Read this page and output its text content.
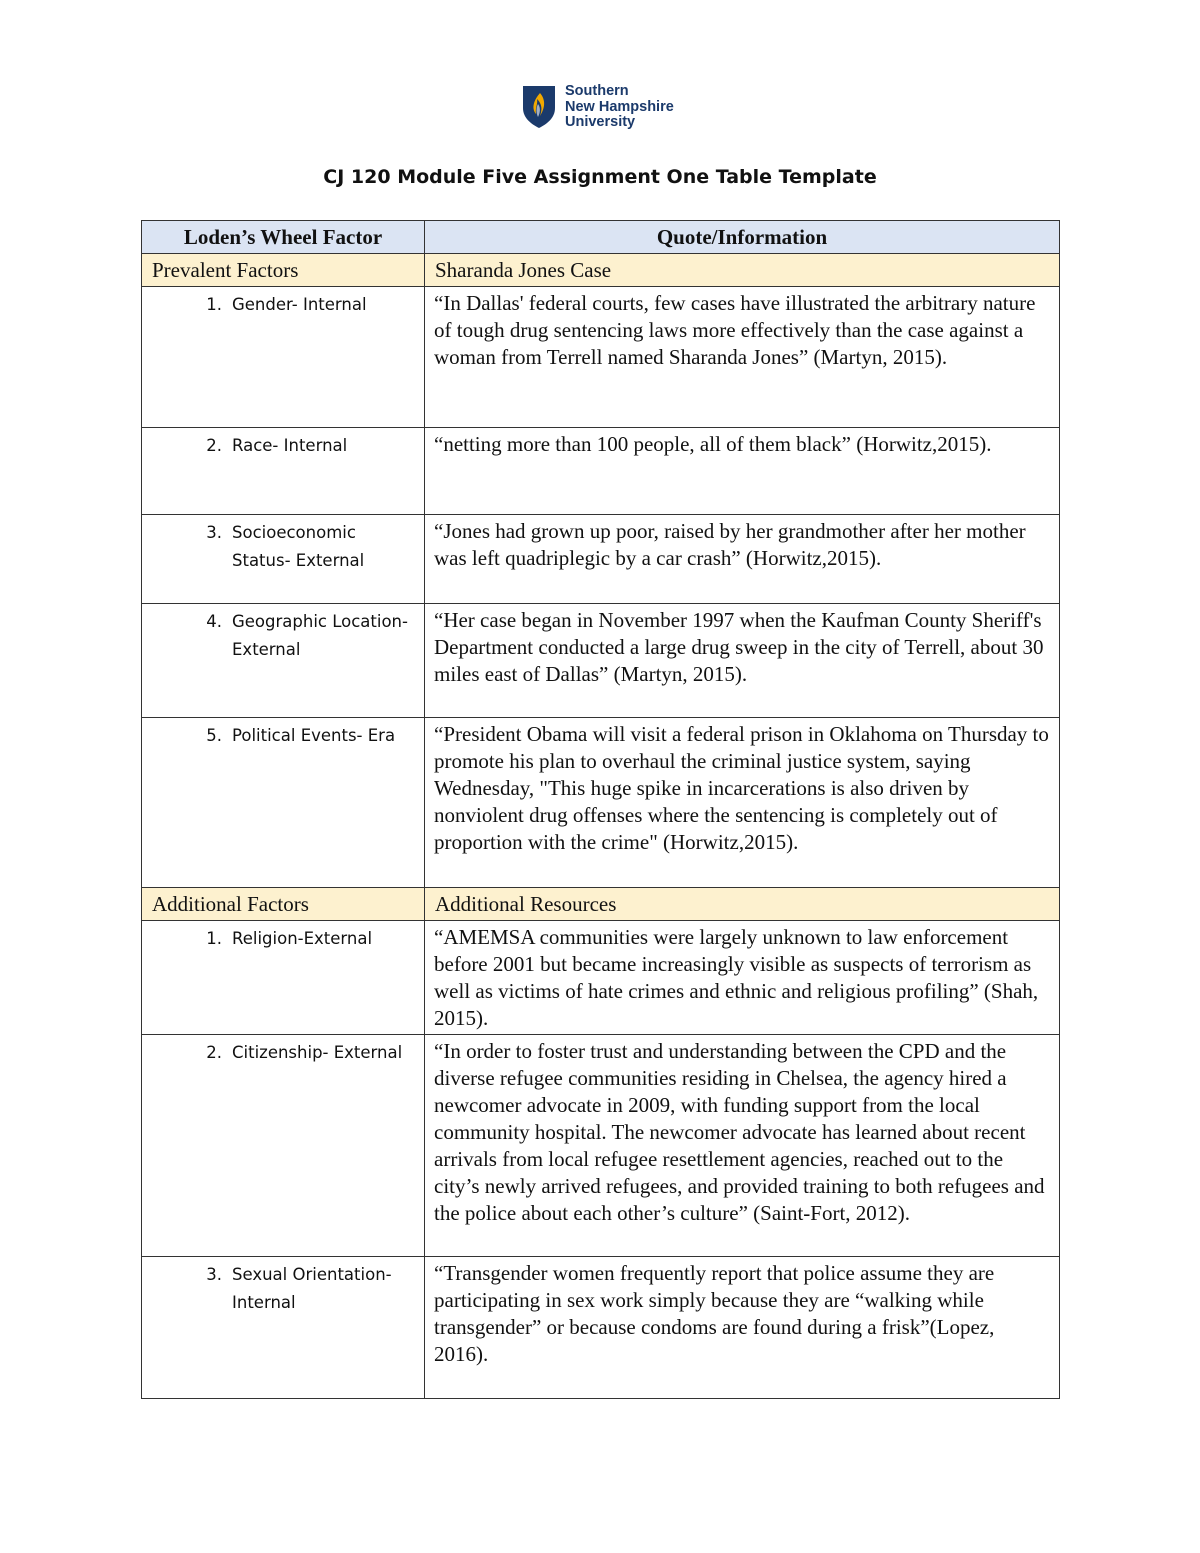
Southern
New Hampshire
University
CJ 120 Module Five Assignment One Table Template
Loden’s Wheel Factor	Quote/Information
Prevalent Factors	Sharanda Jones Case

1. Gender- Internal	“In Dallas' federal courts, few cases have illustrated the arbitrary nature of tough drug sentencing laws more effectively than the case against a woman from Terrell named Sharanda Jones” (Martyn, 2015).

2. Race- Internal	“netting more than 100 people, all of them black” (Horwitz,2015).

3. Socioeconomic Status- External	“Jones had grown up poor, raised by her grandmother after her mother was left quadriplegic by a car crash” (Horwitz,2015).

4. Geographic Location- External	“Her case began in November 1997 when the Kaufman County Sheriff's Department conducted a large drug sweep in the city of Terrell, about 30 miles east of Dallas” (Martyn, 2015).

5. Political Events- Era	“President Obama will visit a federal prison in Oklahoma on Thursday to promote his plan to overhaul the criminal justice system, saying Wednesday, "This huge spike in incarcerations is also driven by nonviolent drug offenses where the sentencing is completely out of proportion with the crime" (Horwitz,2015).

Additional Factors	Additional Resources

1. Religion-External	“AMEMSA communities were largely unknown to law enforcement before 2001 but became increasingly visible as suspects of terrorism as well as victims of hate crimes and ethnic and religious profiling” (Shah, 2015).

2. Citizenship- External	“In order to foster trust and understanding between the CPD and the diverse refugee communities residing in Chelsea, the agency hired a newcomer advocate in 2009, with funding support from the local community hospital. The newcomer advocate has learned about recent arrivals from local refugee resettlement agencies, reached out to the city’s newly arrived refugees, and provided training to both refugees and the police about each other’s culture” (Saint-Fort, 2012).

3. Sexual Orientation- Internal	“Transgender women frequently report that police assume they are participating in sex work simply because they are “walking while transgender” or because condoms are found during a frisk”(Lopez, 2016).
